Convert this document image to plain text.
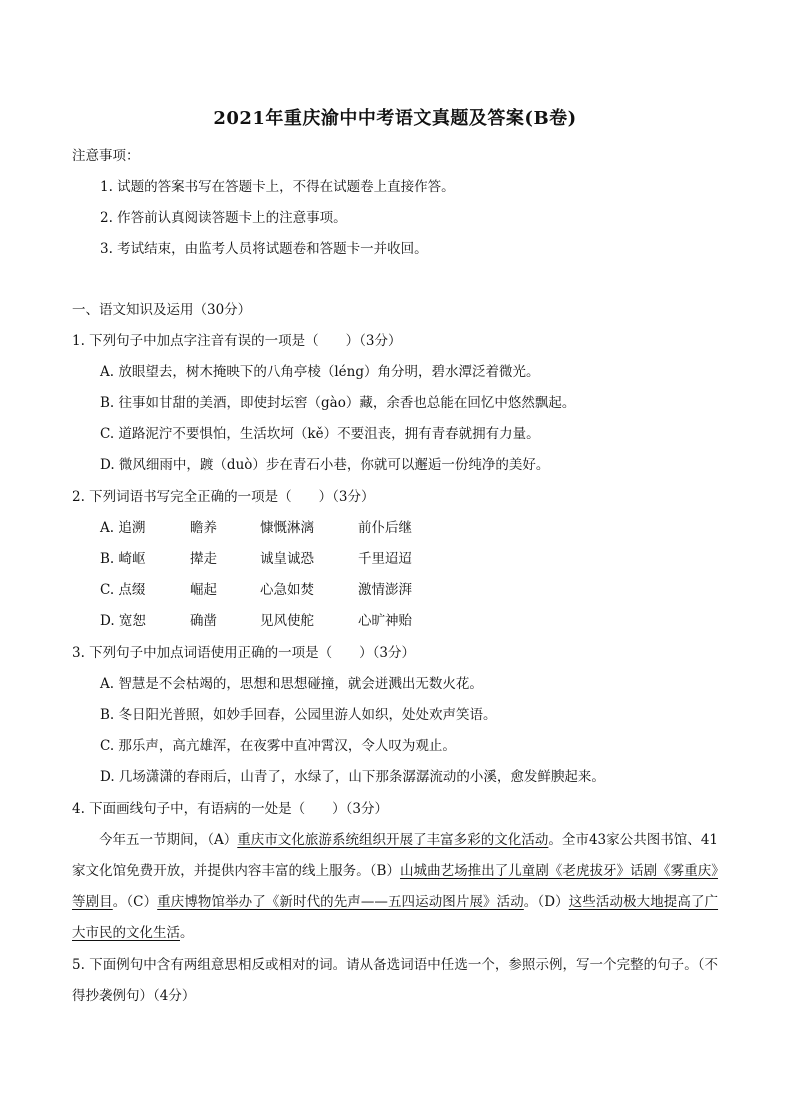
2021年重庆渝中中考语文真题及答案(B卷)
注意事项：
1. 试题的答案书写在答题卡上，不得在试题卷上直接作答。
2. 作答前认真阅读答题卡上的注意事项。
3. 考试结束，由监考人员将试题卷和答题卡一并收回。
一、语文知识及运用（30分）
1. 下列句子中加点字注音有误的一项是（　　）（3分）
A. 放眼望去，树木掩映下的八角亭棱（léng）角分明，碧水潭泛着微光。
B. 往事如甘甜的美酒，即使封坛窖（gào）藏，余香也总能在回忆中悠然飘起。
C. 道路泥泞不要惧怕，生活坎坷（kě）不要沮丧，拥有青春就拥有力量。
D. 微风细雨中，踱（duò）步在青石小巷，你就可以邂逅一份纯净的美好。
2. 下列词语书写完全正确的一项是（　　）（3分）
A. 追溯	瞻养	慷慨淋漓	前仆后继
B. 崎岖	撵走	诚皇诚恐	千里迢迢
C. 点缀	崛起	心急如焚	激情澎湃
D. 宽恕	确凿	见风使舵	心旷神贻
3. 下列句子中加点词语使用正确的一项是（　　）（3分）
A. 智慧是不会枯竭的，思想和思想碰撞，就会迸溅出无数火花。
B. 冬日阳光普照，如妙手回春，公园里游人如织，处处欢声笑语。
C. 那乐声，高亢雄浑，在夜雾中直冲霄汉，令人叹为观止。
D. 几场潇潇的春雨后，山青了，水绿了，山下那条潺潺流动的小溪，愈发鲜腴起来。
4. 下面画线句子中，有语病的一处是（　　）（3分）

今年五一节期间，（A）重庆市文化旅游系统组织开展了丰富多彩的文化活动。全市43家公共图书馆、41家文化馆免费开放，并提供内容丰富的线上服务。（B）山城曲艺场推出了儿童剧《老虎拔牙》话剧《雾重庆》等剧目。（C）重庆博物馆举办了《新时代的先声——五四运动图片展》活动。（D）这些活动极大地提高了广大市民的文化生活。

5. 下面例句中含有两组意思相反或相对的词。请从备选词语中任选一个，参照示例，写一个完整的句子。（不得抄袭例句）（4分）
